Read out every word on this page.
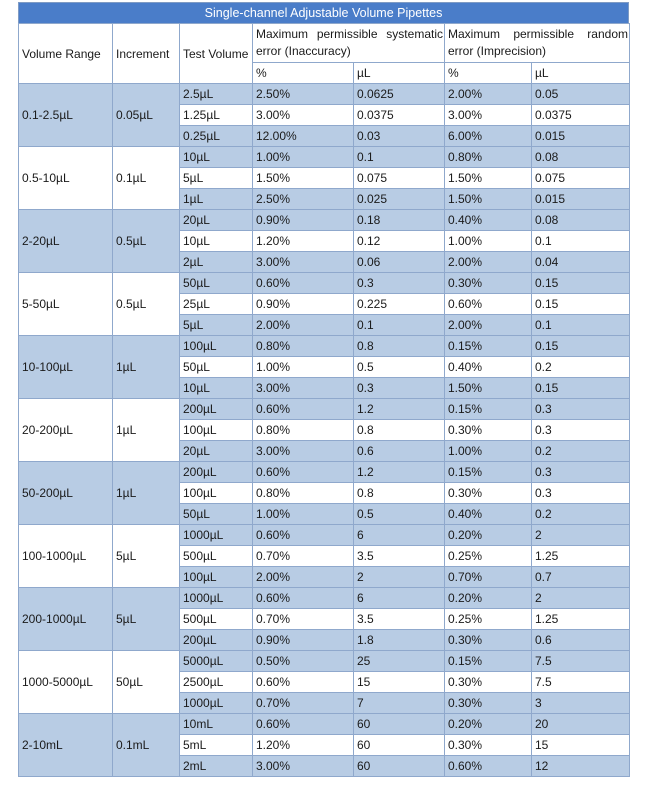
Single-channel Adjustable Volume Pipettes
Volume Range	Increment	Test Volume	Maximum permissible systematic error (Inaccuracy)		Maximum permissible random error (Imprecision)	
			%	µL	%	µL
0.1-2.5µL	0.05µL	2.5µL	2.50%	0.0625	2.00%	0.05
		1.25µL	3.00%	0.0375	3.00%	0.0375
		0.25µL	12.00%	0.03	6.00%	0.015
0.5-10µL	0.1µL	10µL	1.00%	0.1	0.80%	0.08
		5µL	1.50%	0.075	1.50%	0.075
		1µL	2.50%	0.025	1.50%	0.015
2-20µL	0.5µL	20µL	0.90%	0.18	0.40%	0.08
		10µL	1.20%	0.12	1.00%	0.1
		2µL	3.00%	0.06	2.00%	0.04
5-50µL	0.5µL	50µL	0.60%	0.3	0.30%	0.15
		25µL	0.90%	0.225	0.60%	0.15
		5µL	2.00%	0.1	2.00%	0.1
10-100µL	1µL	100µL	0.80%	0.8	0.15%	0.15
		50µL	1.00%	0.5	0.40%	0.2
		10µL	3.00%	0.3	1.50%	0.15
20-200µL	1µL	200µL	0.60%	1.2	0.15%	0.3
		100µL	0.80%	0.8	0.30%	0.3
		20µL	3.00%	0.6	1.00%	0.2
50-200µL	1µL	200µL	0.60%	1.2	0.15%	0.3
		100µL	0.80%	0.8	0.30%	0.3
		50µL	1.00%	0.5	0.40%	0.2
100-1000µL	5µL	1000µL	0.60%	6	0.20%	2
		500µL	0.70%	3.5	0.25%	1.25
		100µL	2.00%	2	0.70%	0.7
200-1000µL	5µL	1000µL	0.60%	6	0.20%	2
		500µL	0.70%	3.5	0.25%	1.25
		200µL	0.90%	1.8	0.30%	0.6
1000-5000µL	50µL	5000µL	0.50%	25	0.15%	7.5
		2500µL	0.60%	15	0.30%	7.5
		1000µL	0.70%	7	0.30%	3
2-10mL	0.1mL	10mL	0.60%	60	0.20%	20
		5mL	1.20%	60	0.30%	15
		2mL	3.00%	60	0.60%	12
